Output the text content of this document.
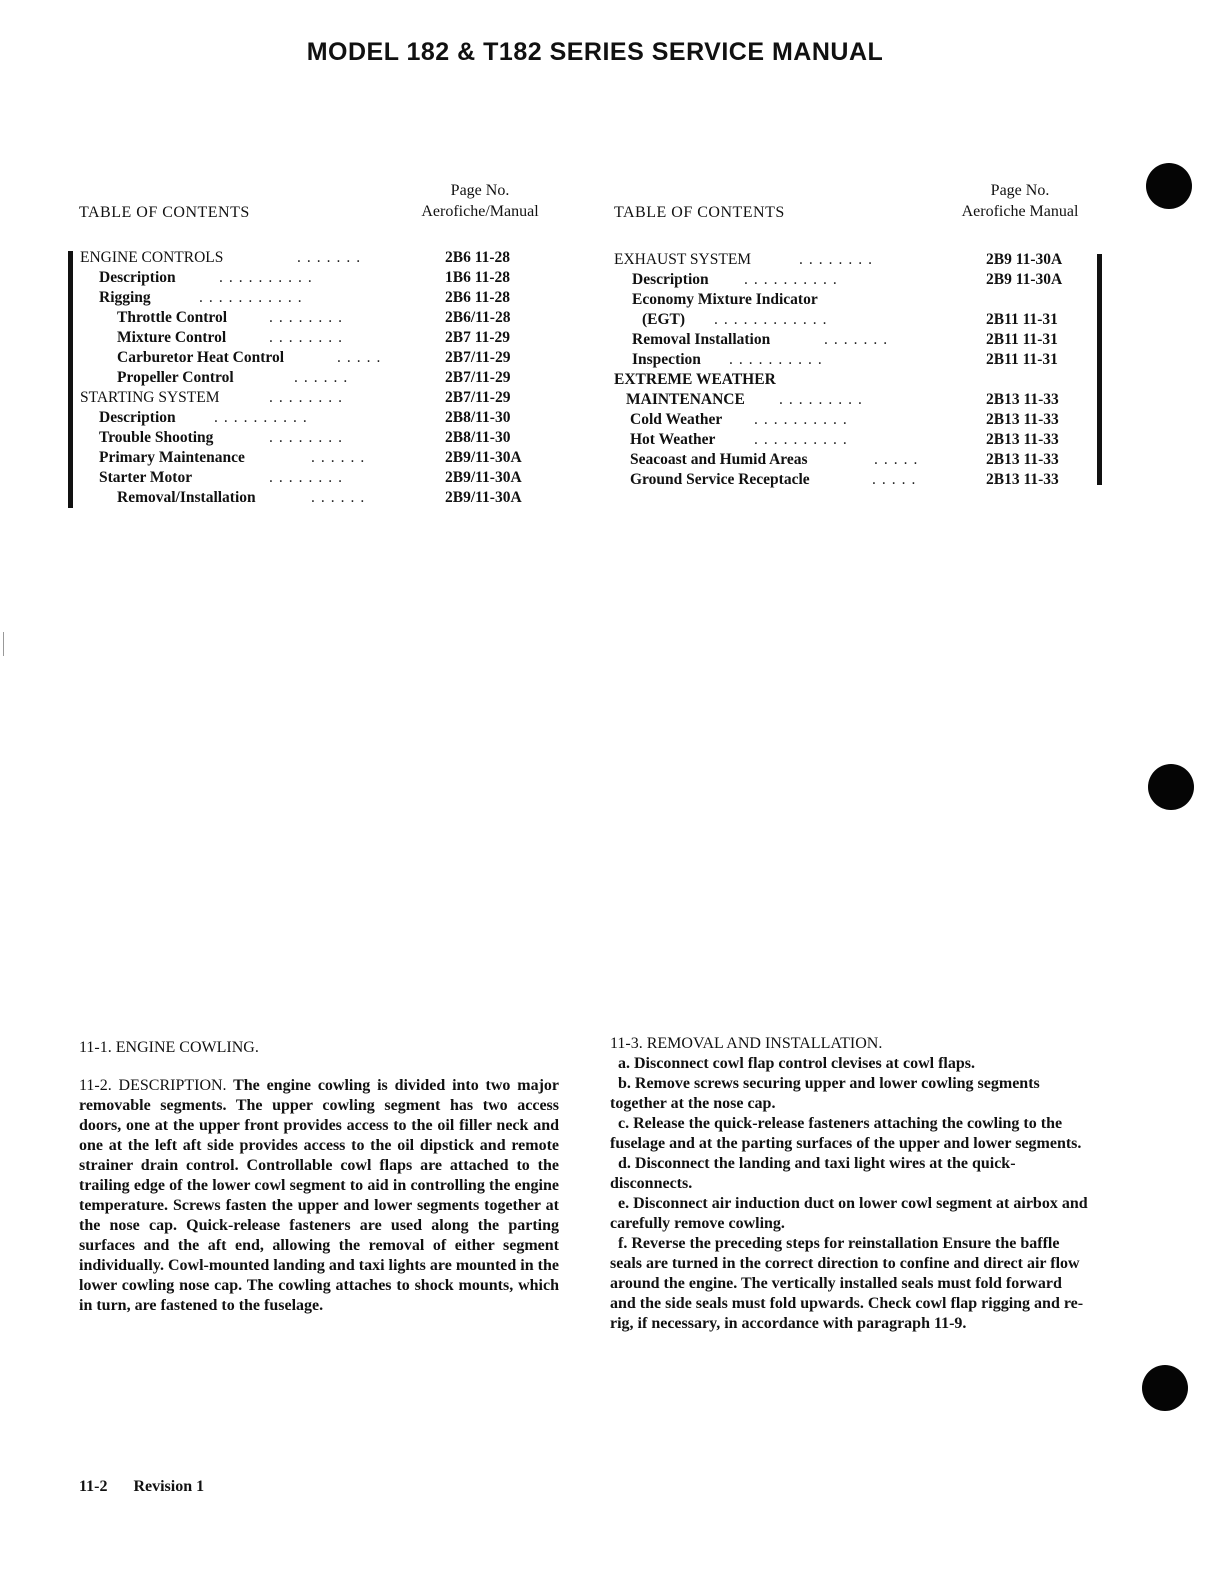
MODEL 182 & T182 SERIES SERVICE MANUAL
TABLE OF CONTENTS
Page No.
Aerofiche/Manual
ENGINE CONTROLS	.......	2B6 11-28
Description	..........	1B6 11-28
Rigging	...........	2B6 11-28
Throttle Control	........	2B6/11-28
Mixture Control	........	2B7 11-29
Carburetor Heat Control	.....	2B7/11-29
Propeller Control	......	2B7/11-29
STARTING SYSTEM	........	2B7/11-29
Description ..........	2B8/11-30
Trouble Shooting	........	2B8/11-30
Primary Maintenance	......	2B9/11-30A
Starter Motor	........	2B9/11-30A
Removal/Installation	......	2B9/11-30A
TABLE OF CONTENTS
Page No.
Aerofiche Manual
EXHAUST SYSTEM	........	2B9 11-30A
Description ..........	2B9 11-30A
Economy Mixture Indicator
(EGT) ............	2B11 11-31
Removal Installation	.......	2B11 11-31
Inspection ..........	2B11 11-31
EXTREME WEATHER
MAINTENANCE .........	2B13 11-33
Cold Weather ..........	2B13 11-33
Hot Weather ..........	2B13 11-33
Seacoast and Humid Areas	.....	2B13 11-33
Ground Service Receptacle	.....	2B13 11-33

11-1. ENGINE COWLING.

11-2. DESCRIPTION. The engine cowling is divided into two major removable segments. The upper cowling segment has two access doors, one at the upper front provides access to the oil filler neck and one at the left aft side provides access to the oil dipstick and remote strainer drain control. Controllable cowl flaps are attached to the trailing edge of the lower cowl segment to aid in controlling the engine temperature. Screws fasten the upper and lower segments together at the nose cap. Quick-release fasteners are used along the parting surfaces and the aft end, allowing the removal of either segment individually. Cowl-mounted landing and taxi lights are mounted in the lower cowling nose cap. The cowling attaches to shock mounts, which in turn, are fastened to the fuselage.

11-3. REMOVAL AND INSTALLATION.

a. Disconnect cowl flap control clevises at cowl flaps.

b. Remove screws securing upper and lower cowling segments together at the nose cap.

c. Release the quick-release fasteners attaching the cowling to the fuselage and at the parting surfaces of the upper and lower segments.

d. Disconnect the landing and taxi light wires at the quick-disconnects.

e. Disconnect air induction duct on lower cowl segment at airbox and carefully remove cowling.

f. Reverse the preceding steps for reinstallation Ensure the baffle seals are turned in the correct direction to confine and direct air flow around the engine. The vertically installed seals must fold forward and the side seals must fold upwards. Check cowl flap rigging and re-rig, if necessary, in accordance with paragraph 11-9.

11-2 Revision 1
